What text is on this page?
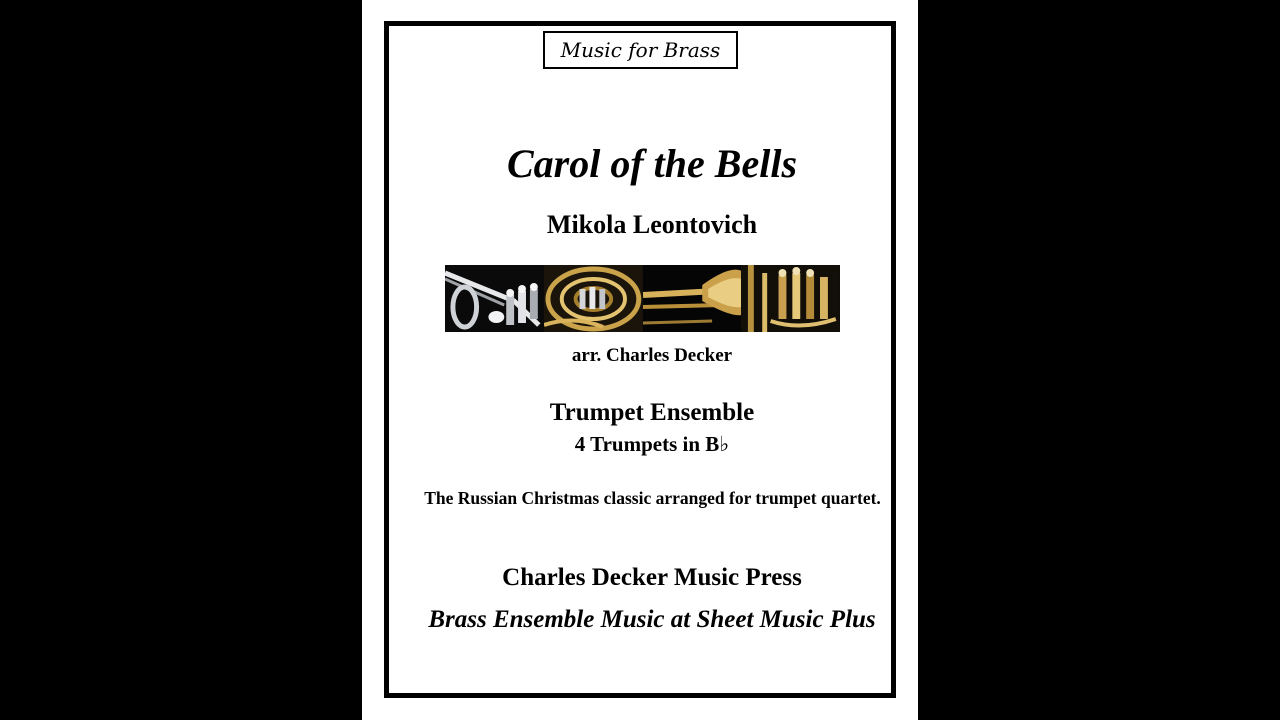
Music for Brass
Carol of the Bells
Mikola Leontovich
arr. Charles Decker
Trumpet Ensemble
4 Trumpets in B♭
The Russian Christmas classic arranged for trumpet quartet.
Charles Decker Music Press
Brass Ensemble Music at Sheet Music Plus
